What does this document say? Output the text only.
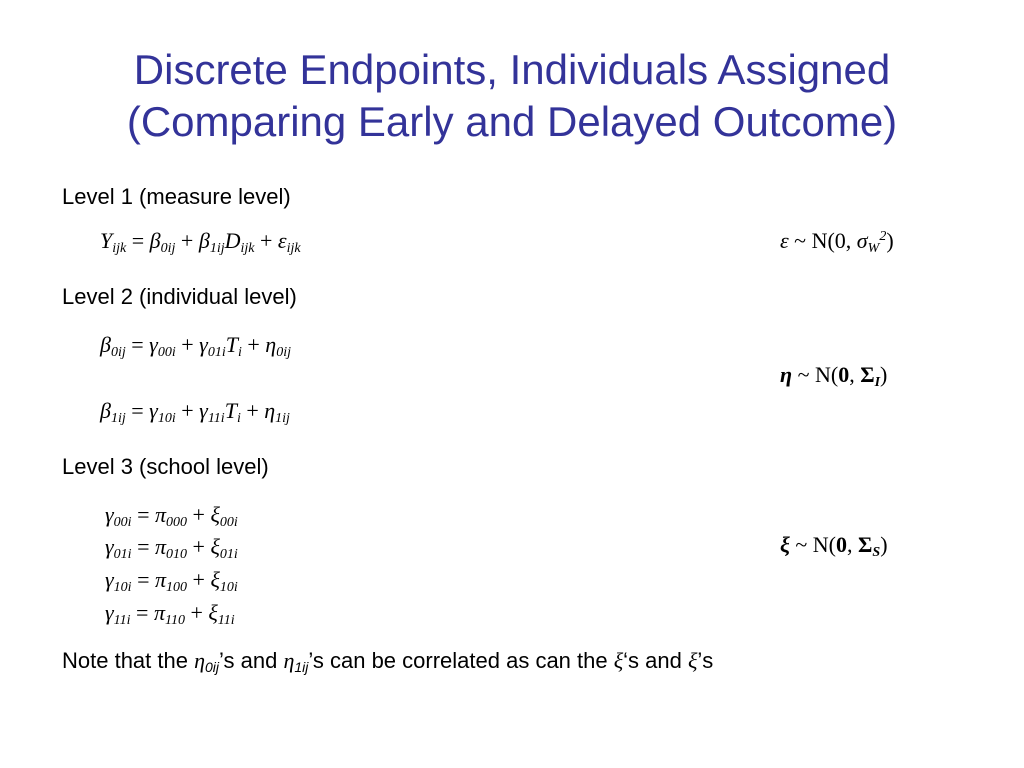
Discrete Endpoints, Individuals Assigned
(Comparing Early and Delayed Outcome)
Level 1 (measure level)
$Y_{ijk} = \beta_{0ij} + \beta_{1ij}D_{ijk} + \varepsilon_{ijk}$	ε ~ N(0, $\sigma_W^2$)
Level 2 (individual level)
$\beta_{0ij} = \gamma_{00i} + \gamma_{01i}T_i + \eta_{0ij}$
η ~ N(0, $\Sigma_I$)
$\beta_{1ij} = \gamma_{10i} + \gamma_{11i}T_i + \eta_{1ij}$
Level 3 (school level)
$\gamma_{00i} = \pi_{000} + \xi_{00i}$
$\gamma_{01i} = \pi_{010} + \xi_{01i}$	ξ ~ N(0, $\Sigma_S$)
$\gamma_{10i} = \pi_{100} + \xi_{10i}$
$\gamma_{11i} = \pi_{110} + \xi_{11i}$
Note that the $\eta_{0ij}’s$ and $\eta_{1ij}’s$ can be correlated as can the ξ‘s and ξ’s
